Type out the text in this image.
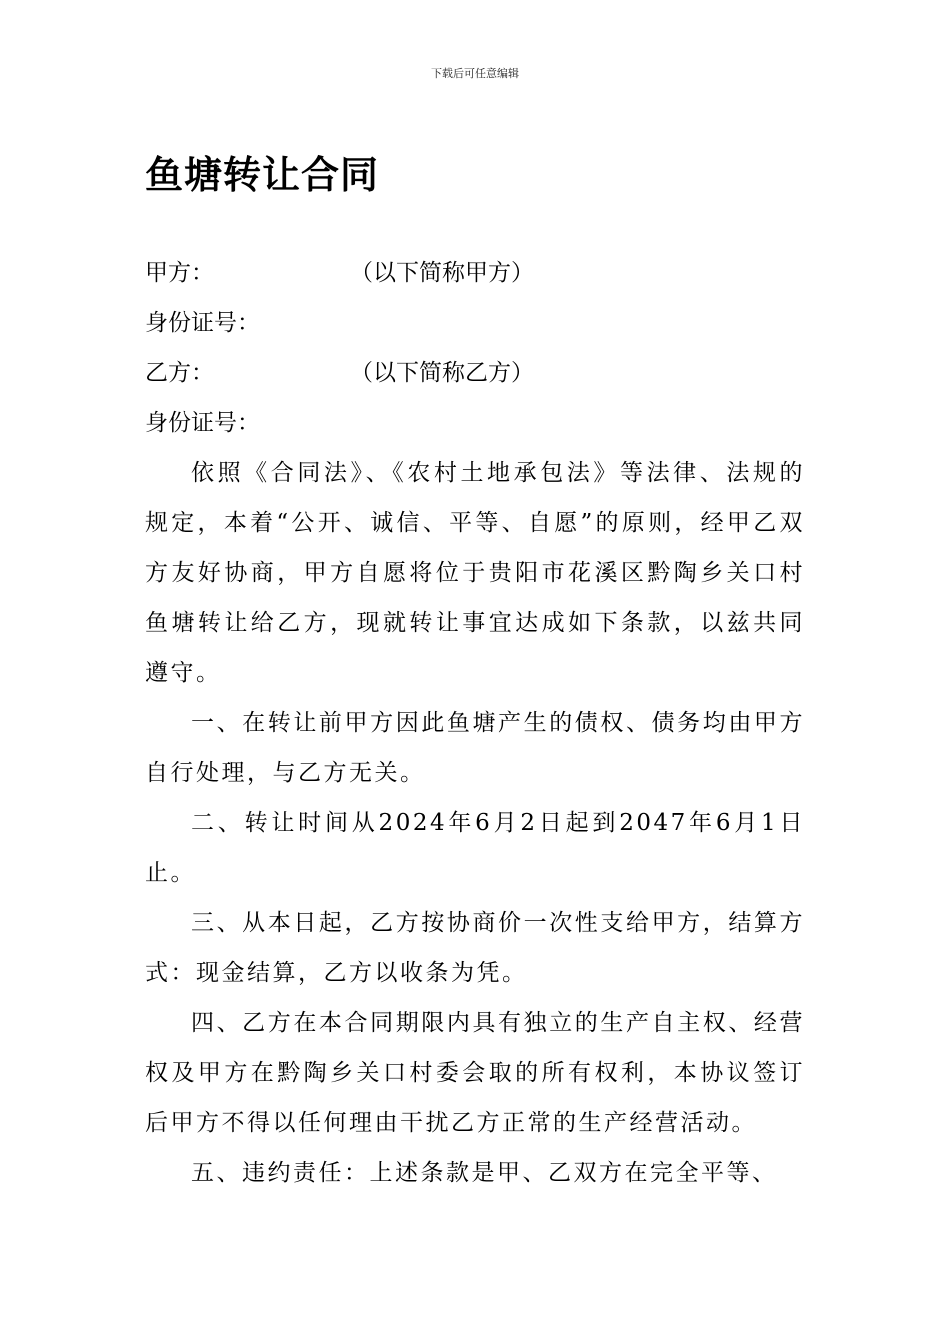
下载后可任意编辑
鱼塘转让合同
甲方：	（以下简称甲方）
身份证号：
乙方：	（以下简称乙方）
身份证号：

依照《合同法》、《农村土地承包法》等法律、法规的规定，本着“公开、诚信、平等、自愿”的原则，经甲乙双方友好协商，甲方自愿将位于贵阳市花溪区黔陶乡关口村鱼塘转让给乙方，现就转让事宜达成如下条款，以兹共同遵守。

一、在转让前甲方因此鱼塘产生的债权、债务均由甲方自行处理，与乙方无关。

二、转让时间从2024年6月2日起到2047年6月1日止。

三、从本日起，乙方按协商价一次性支给甲方，结算方式：现金结算，乙方以收条为凭。

四、乙方在本合同期限内具有独立的生产自主权、经营权及甲方在黔陶乡关口村委会取的所有权利，本协议签订后甲方不得以任何理由干扰乙方正常的生产经营活动。

五、违约责任：上述条款是甲、乙双方在完全平等、
